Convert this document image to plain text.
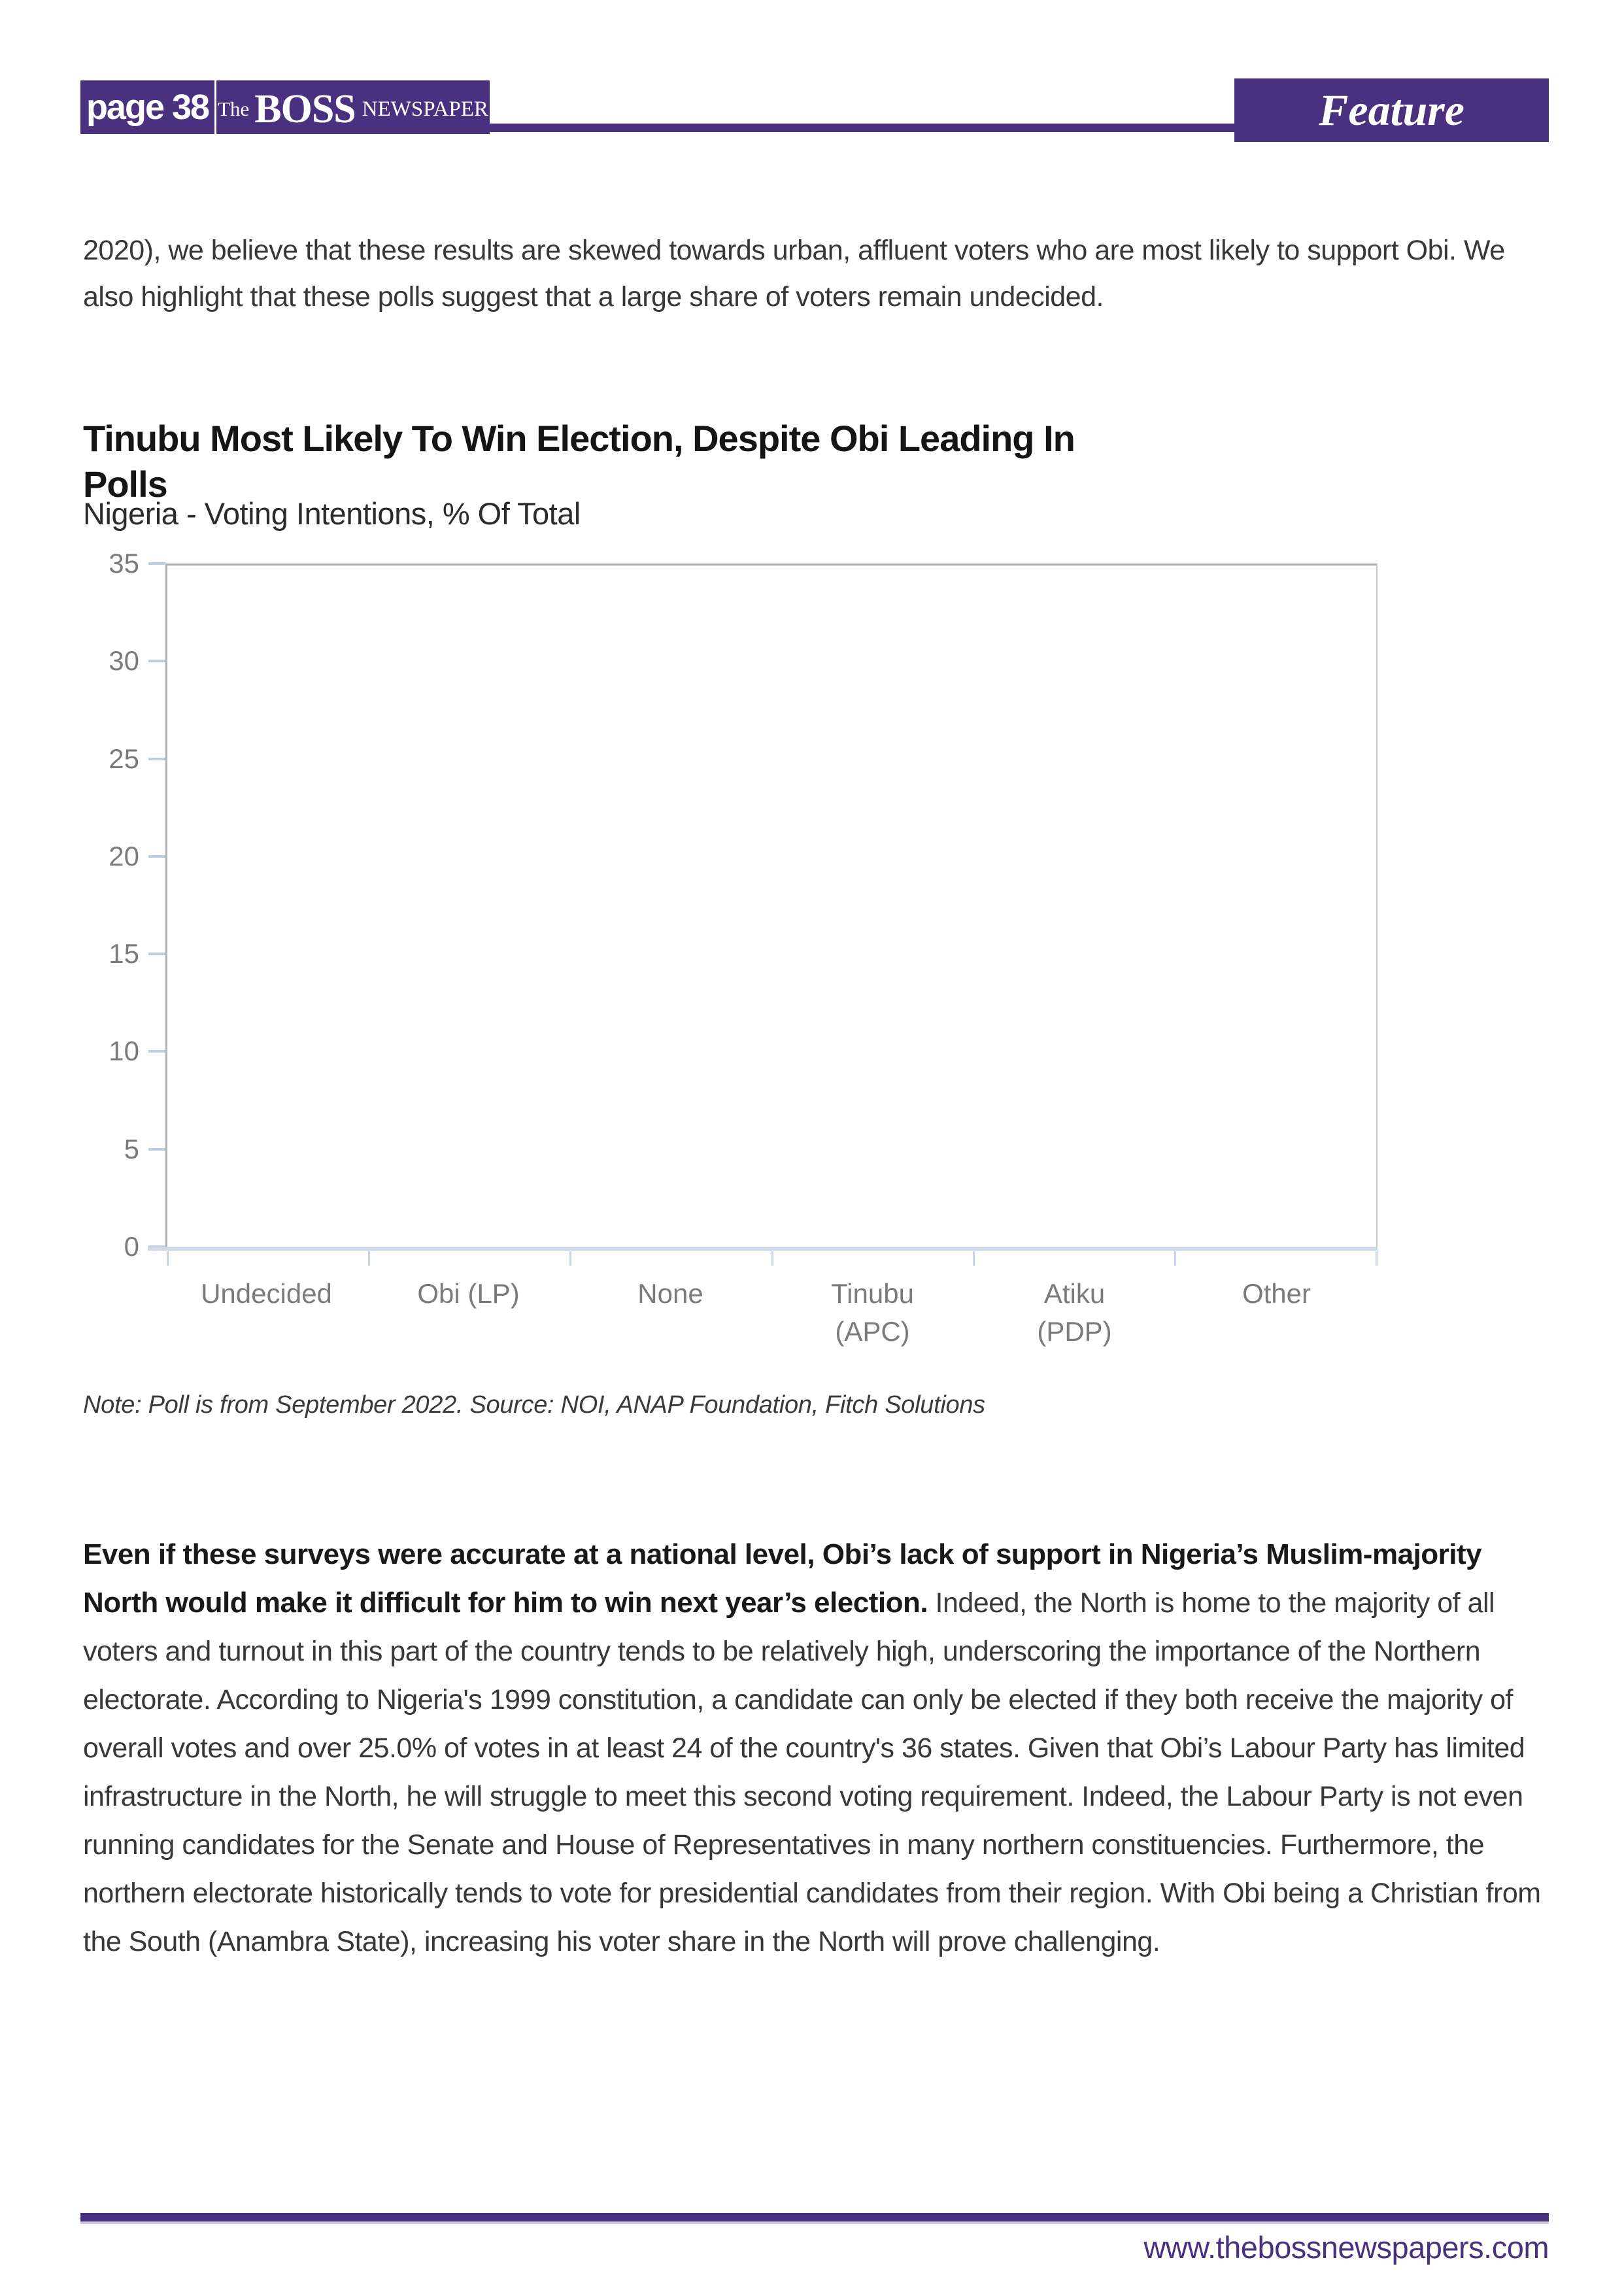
page 38 The BOSS NEWSPAPER	Feature

2020), we believe that these results are skewed towards urban, affluent voters who are most likely to support Obi. We also highlight that these polls suggest that a large share of voters remain undecided.

Tinubu Most Likely To Win Election, Despite Obi Leading In
Polls
Nigeria - Voting Intentions, % Of Total
0
5
10
15
20
25
30
35
Undecided	Obi (LP)	None	Tinubu
(APC)
Atiku
(PDP)
Other
Note: Poll is from September 2022. Source: NOI, ANAP Foundation, Fitch Solutions

Even if these surveys were accurate at a national level, Obi’s lack of support in Nigeria’s Muslim-majority North would make it difficult for him to win next year’s election. Indeed, the North is home to the majority of all voters and turnout in this part of the country tends to be relatively high, underscoring the importance of the Northern electorate. According to Nigeria's 1999 constitution, a candidate can only be elected if they both receive the majority of overall votes and over 25.0% of votes in at least 24 of the country's 36 states. Given that Obi’s Labour Party has limited infrastructure in the North, he will struggle to meet this second voting requirement. Indeed, the Labour Party is not even running candidates for the Senate and House of Representatives in many northern constituencies. Furthermore, the northern electorate historically tends to vote for presidential candidates from their region. With Obi being a Christian from the South (Anambra State), increasing his voter share in the North will prove challenging.

www.thebossnewspapers.com
